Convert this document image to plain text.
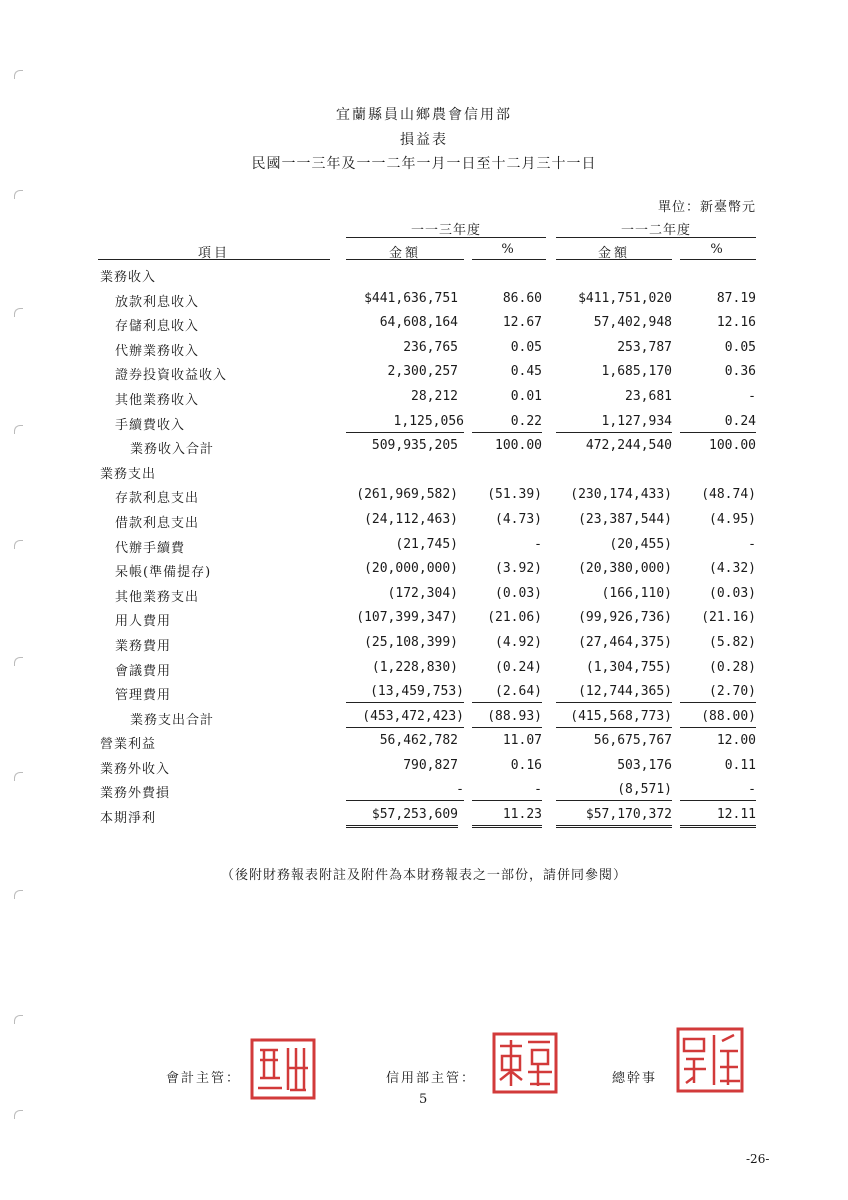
宜蘭縣員山鄉農會信用部
損益表
民國一一三年及一一二年一月一日至十二月三十一日
單位：新臺幣元
一一三年度	一一二年度
項目	金額	%	金額	%
業務收入
放款利息收入	$441,636,751	86.60	$411,751,020	87.19
存儲利息收入	64,608,164	12.67	57,402,948	12.16
代辦業務收入	236,765	0.05	253,787	0.05
證券投資收益收入	2,300,257	0.45	1,685,170	0.36
其他業務收入	28,212	0.01	23,681	-
手續費收入	1,125,056	0.22	1,127,934	0.24
業務收入合計	509,935,205	100.00	472,244,540	100.00
業務支出
存款利息支出	(261,969,582)	(51.39)	(230,174,433)	(48.74)
借款利息支出	(24,112,463)	(4.73)	(23,387,544)	(4.95)
代辦手續費	(21,745)	-	(20,455)	-
呆帳(準備提存)	(20,000,000)	(3.92)	(20,380,000)	(4.32)
其他業務支出	(172,304)	(0.03)	(166,110)	(0.03)
用人費用	(107,399,347)	(21.06)	(99,926,736)	(21.16)
業務費用	(25,108,399)	(4.92)	(27,464,375)	(5.82)
會議費用	(1,228,830)	(0.24)	(1,304,755)	(0.28)
管理費用	(13,459,753)	(2.64)	(12,744,365)	(2.70)
業務支出合計	(453,472,423)	(88.93)	(415,568,773)	(88.00)
營業利益	56,462,782	11.07	56,675,767	12.00
業務外收入	790,827	0.16	503,176	0.11
業務外費損	-	-	(8,571)	-
本期淨利	$57,253,609	11.23	$57,170,372	12.11
（後附財務報表附註及附件為本財務報表之一部份，請併同參閱）
會計主管：	信用部主管：	總幹事
5
-26-
